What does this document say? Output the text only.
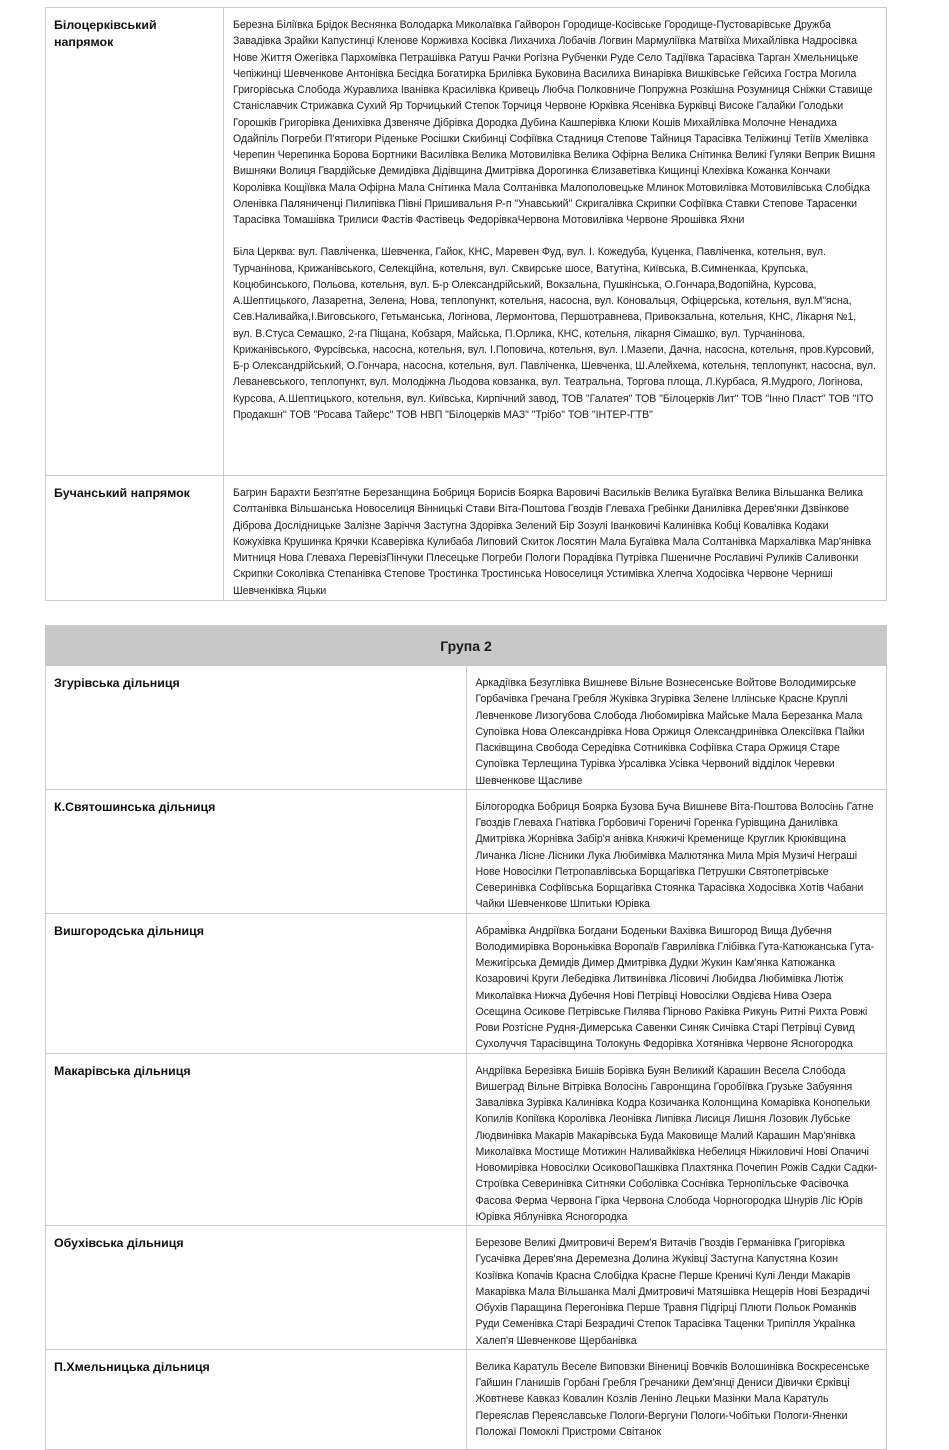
Білоцерківський напрямок	Березна Біліївка Брідок Веснянка Володарка Миколаївка Гайворон Городище-Косівське Городище-Пустоварівське Дружба Завадівка Зрайки Капустинці Кленове Корживха Косівка Лихачиха Лобачів Логвин Мармуліївка Матвіїха Михайлівка Надросівка Нове Життя Ожегівка Пархомівка Петрашівка Ратуш Рачки Рогізна Рубченки Руде Село Тадіївка Тарасівка Тарган Хмельницьке Чепіжинці Шевченкове Антонівка Бесідка Богатирка Брилівка Буковина Василиха Винарівка Вишківське Гейсиха Гостра Могила Григорівська Слобода Журавлиха Іванівка Красилівка Кривець Любча Полковниче Попружна Розкішна Розумниця Сніжки Ставище Станіславчик Стрижавка Сухий Яр Торчицький Степок Торчиця Червоне Юрківка Ясенівка Бурківці Високе Галайки Голодьки Горошків Григорівка Денихівка Дзвеняче Дібрівка Дородка Дубина Кашперівка Клюки Кошів Михайлівка Молочне Ненадиха Одайпіль Погреби П'ятигори Ріденьке Росішки Скибинці Софіївка Стадниця Степове Тайниця Тарасівка Теліжинці Тетіїв Хмелівка Черепин Черепинка Борова Бортники Василівка Велика Мотовилівка Велика Офірна Велика Снітинка Великі Гуляки Веприк Вишня Вишняки Волиця Гвардійське Демидівка Дідівщина Дмитрівка Дорогинка Єлизаветівка Кищинці Клехівка Кожанка Кончаки Королівка Кощіївка Мала Офірна Мала Снітинка Мала Солтанівка Малополовецьке Млинок Мотовилівка Мотовилівська Слобідка Оленівка Паляниченці Пилипівка Півні Пришивальня Р-п "Унавський" Скригалівка Скрипки Софіївка Ставки Степове Тарасенки Тарасівка Томашівка Трилиси Фастів Фастівець ФедорівкаЧервона Мотовилівка Червоне Ярошівка Яхни

Біла Церква: вул. Павліченка, Шевченка, Гайок, КНС, Маревен Фуд, вул. І. Кожедуба, Куценка, Павліченка, котельня, вул. Турчанінова, Крижанівського, Селекційна, котельня, вул. Сквирське шосе, Ватутіна, Київська, В.Симненкаа, Крупська, Коцюбинського, Польова, котельня, вул. Б-р Олександрійський, Вокзальна, Пушкінська, О.Гончара,Водопійна, Курсова, А.Шептицького, Лазаретна, Зелена, Нова, теплопункт, котельня, насосна, вул. Коновальця, Офіцерська, котельня, вул.М"ясна, Сев.Наливайка,І.Виговського, Гетьманська, Логінова, Лермонтова, Першотравнева, Привокзальна, котельня, КНС, Лікарня №1, вул. В.Стуса Семашко, 2-га Піщана, Кобзаря, Майська, П.Орлика, КНС, котельня, лікарня Сімашко, вул. Турчанінова, Крижанівського, Фурсівська, насосна, котельня, вул. І.Поповича, котельня, вул. І.Мазепи, Дачна, насосна, котельня, пров.Курсовий, Б-р Олександрійський, О.Гончара, насосна, котельня, вул. Павліченка, Шевченка, Ш.Алейхема, котельня, теплопункт, насосна, вул. Леваневського, теплопункт, вул. Молодіжна Льодова ковзанка, вул. Театральна, Торгова площа, Л.Курбаса, Я.Мудрого, Логінова, Курсова, А.Шептицького, котельня, вул. Київська, Кирпічний завод, ТОВ "Галатея" ТОВ "Білоцерків Лит" ТОВ "Інно Пласт" ТОВ "ІТО Продакшн" ТОВ "Росава Тайерс" ТОВ НВП "Білоцерків МАЗ" "Трібо" ТОВ "ІНТЕР-ГТВ"

Бучанський напрямок	Багрин Барахти Безп'ятне Березанщина Бобриця Борисів Боярка Варовичі Васильків Велика Бугаївка Велика Вільшанка Велика Солтанівка Вільшанська Новоселиця Вінницькі Стави Віта-Поштова Гвоздів Глеваха Гребінки Данилівка Дерев'янки Дзвінкове Діброва Дослідницьке Залізне Заріччя Застугна Здорівка Зелений Бір Зозулі Іванковичі Калинівка Кобці Ковалівка Кодаки Кожухівка Крушинка Крячки Ксаверівка Кулибаба Липовий Скиток Лосятин Мала Бугаївка Мала Солтанівка Мархалівка Мар'янівка Митниця Нова Глеваха ПеревізПінчуки Плесецьке Погреби Пологи Порадівка Путрівка Пшеничне Рославичі Руликів Саливонки Скрипки Соколівка Степанівка Степове Тростинка Тростинська Новоселиця Устимівка Хлепча Ходосівка Червоне Черниші Шевченківка Яцьки

Група 2	
Згурівська дільниця	Аркадіївка Безуглівка Вишневе Вільне Вознесенське Войтове Володимирське Горбачівка Гречана Гребля Жуківка Згурівка Зелене Іллінське Красне Круплі Левченкове Лизогубова Слобода Любомирівка Майське Мала Березанка Мала Супоївка Нова Олександрівка Нова Оржиця Олександринівка Олексіївка Пайки Пасківщина Свобода Середівка Сотниківка Софіївка Стара Оржиця Старе Супоївка Терлещина Турівка Урсалівка Усівка Червоний відділок Черевки Шевченкове Щасливе
К.Святошинська дільниця	Білогородка Бобриця Боярка Бузова Буча Вишневе Віта-Поштова Волосінь Гатне Гвоздів Глеваха Гнатівка Горбовичі Гореничі Горенка Гурівщина Данилівка Дмитрівка Жорнівка Забір'я анівка Княжичі Кременище Круглик Крюківщина Личанка Лісне Лісники Лука Любимівка Малютянка Мила Мрія Музичі Неграші Нове Новосілки Петропавлівська Борщагівка Петрушки Святопетрівське Северинівка Софіївська Борщагівка Стоянка Тарасівка Ходосівка Хотів Чабани Чайки Шевченкове Шпитьки Юрівка
Вишгородська дільниця	Абрамівка Андріївка Богдани Боденьки Вахівка Вишгород Вища Дубечня Володимирівка Вороньківка Воропаїв Гаврилівка Глібівка Гута-Катюжанська Гута-Межигірська Демидів Димер Дмитрівка Дудки Жукин Кам'янка Катюжанка Козаровичі Круги Лебедівка Литвинівка Лісовичі Любидва Любимівка Лютіж Миколаївка Нижча Дубечня Нові Петрівці Новосілки Овдієва Нива Озера Осещина Осикове Петрівське Пилява Пірново Раківка Рикунь Ритні Рихта Ровжі Рови Розтісне Рудня-Димерська Савенки Синяк Сичівка Старі Петрівці Сувид Сухолуччя Тарасівщина Толокунь Федорівка Хотянівка Червоне Ясногородка
Макарівська дільниця	Андріївка Березівка Бишів Борівка Буян Великий Карашин Весела Слобода Вишеград Вільне Вітрівка Волосінь Гавронщина Горобіївка Грузьке Забуяння Завалівка Зурівка Калинівка Кодра Козичанка Колонщина Комарівка Конопельки Копилів Копіївка Королівка Леонівка Липівка Лисиця Лишня Лозовик Лубське Людвинівка Макарів Макарівська Буда Маковище Малий Карашин Мар'янівка Миколаївка Мостище Мотижин Наливайківка Небелиця Ніжиловичі Нові Опачичі Новомирівка Новосілки ОсиковоПашківка Плахтянка Почепин Рожів Садки Садки-Строївка Северинівка Ситняки Соболівка Соснівка Тернопільське Фасівочка Фасова Ферма Червона Гірка Червона Слобода Чорногородка Шнурів Ліс Юрів Юрівка Яблунівка Ясногородка
Обухівська дільниця	Березове Великі Дмитровичі Верем'я Витачів Гвоздів Германівка Григорівка Гусачівка Дерев'яна Деремезна Долина Жуківці Застугна Капустяна Козин Козіївка Копачів Красна Слобідка Красне Перше Креничі Кулі Ленди Макарів Макарівка Мала Вільшанка Малі Дмитровичі Матяшівка Нещерів Нові Безрадичі Обухів Паращина Перегонівка Перше Травня Підгірці Плюти Польок Романків Руди Семенівка Старі Безрадичі Степок Тарасівка Таценки Трипілля Українка Халеп'я Шевченкове Щербанівка
П.Хмельницька дільниця	Велика Каратуль Веселе Виповзки Вінениці Вовчків Волошинівка Воскресенське Гайшин Гланишів Горбані Гребля Гречаники Дем'янці Дениси Дівички Єрківці Жовтневе Кавказ Ковалин Козлів Леніно Лецьки Мазінки Мала Каратуль Переяслав Переяславське Пологи-Вергуни Пологи-Чобітьки Пологи-Яненки Положаї Помоклі Пристроми Світанок
